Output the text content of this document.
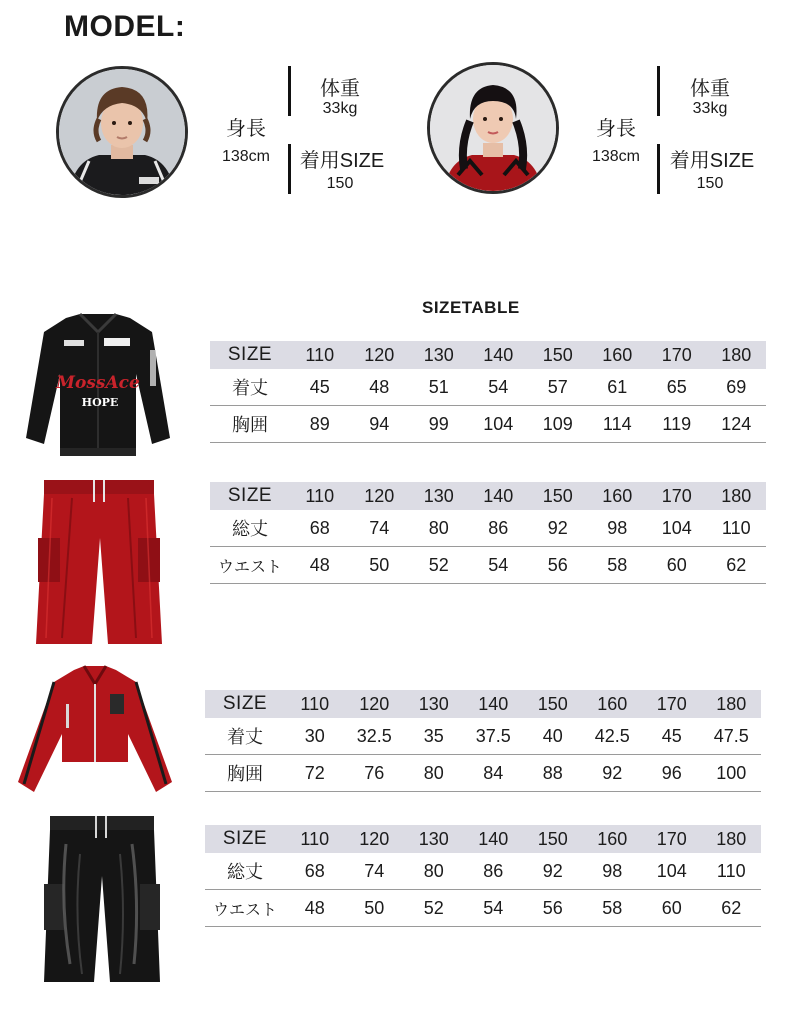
MODEL:
身長
138cm
体重
33kg
着用SIZE
150
身長
138cm
体重
33kg
着用SIZE
150
SIZETABLE
MossAce
HOPE
SIZE	110	120	130	140	150	160	170	180
着丈	45	48	51	54	57	61	65	69
胸囲	89	94	99	104	109	114	119	124
SIZE	110	120	130	140	150	160	170	180
総丈	68	74	80	86	92	98	104	110
ウエスト	48	50	52	54	56	58	60	62
SIZE	110	120	130	140	150	160	170	180
着丈	30	32.5	35	37.5	40	42.5	45	47.5
胸囲	72	76	80	84	88	92	96	100
SIZE	110	120	130	140	150	160	170	180
総丈	68	74	80	86	92	98	104	110
ウエスト	48	50	52	54	56	58	60	62
